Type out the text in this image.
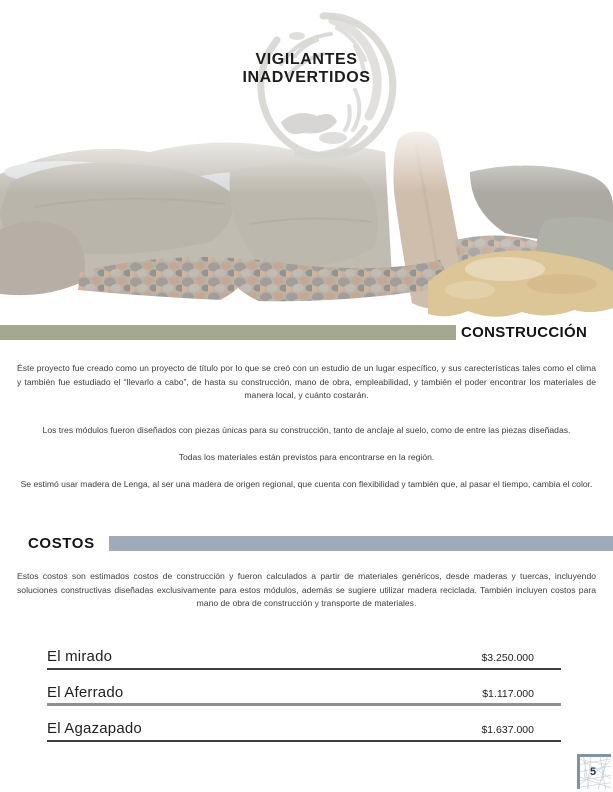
VIGILANTES
INADVERTIDOS
CONSTRUCCIÓN

Éste proyecto fue creado como un proyecto de título por lo que se creó con un estudio de un lugar específico, y sus carecterísticas tales como el clima y también fue estudiado el “llevarlo a cabo”, de hasta su construcción, mano de obra, empleabilidad, y también el poder encontrar los materiales de manera local, y cuánto costarán.

Los tres módulos fueron diseñados con piezas únicas para su construcción, tanto de anclaje al suelo, como de entre las piezas diseñadas.

Todas los materiales están previstos para encontrarse en la región.

Se estimó usar madera de Lenga, al ser una madera de origen regional, que cuenta con flexibilidad y también que, al pasar el tiempo, cambia el color.

COSTOS

Estos costos son estimados costos de construcción y fueron calculados a partir de materiales genéricos, desde maderas y tuercas, incluyendo soluciones constructivas diseñadas exclusivamente para estos módulos, además se sugiere utilizar madera reciclada. También incluyen costos para mano de obra de construcción y transporte de materiales.

El mirado	$3.250.000
El Aferrado	$1.117.000
El Agazapado	$1.637.000
5
